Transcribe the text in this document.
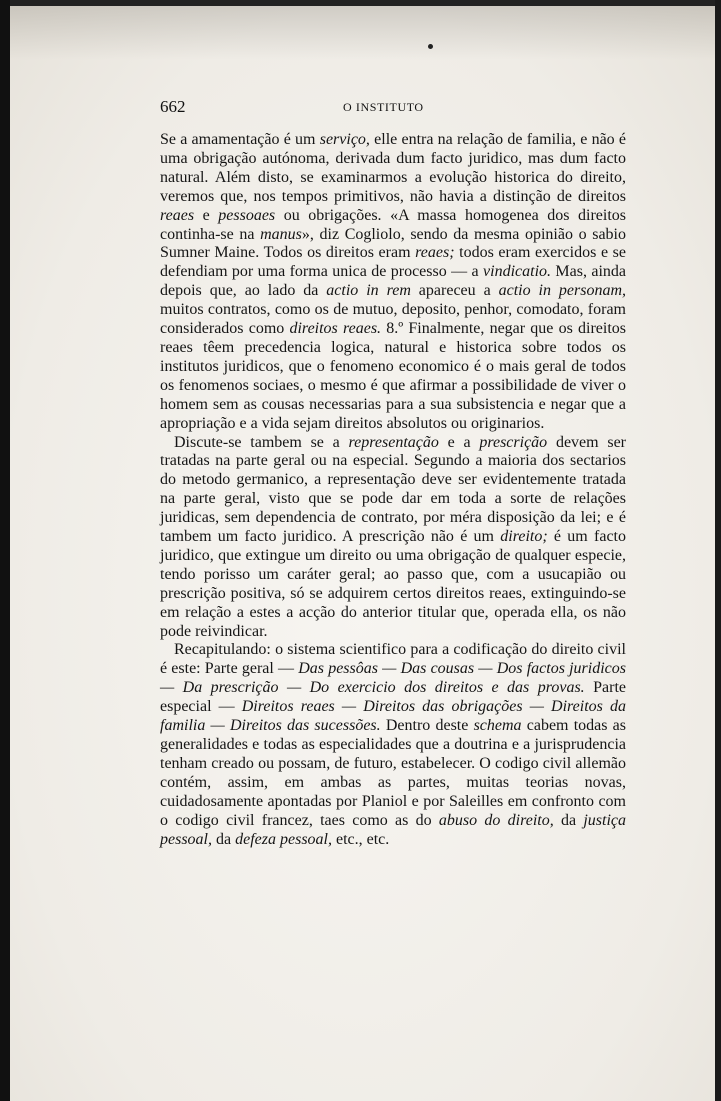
662	O INSTITUTO

Se a amamentação é um serviço, elle entra na relação de familia, e não é uma obrigação autónoma, derivada dum facto juridico, mas dum facto natural. Além disto, se examinarmos a evolução historica do direito, veremos que, nos tempos primitivos, não havia a distinção de direitos reaes e pessoaes ou obrigações. «A massa homogenea dos direitos continha-se na manus», diz Cogliolo, sendo da mesma opinião o sabio Sumner Maine. Todos os direitos eram reaes; todos eram exercidos e se defendiam por uma forma unica de processo — a vindicatio. Mas, ainda depois que, ao lado da actio in rem apareceu a actio in personam, muitos contratos, como os de mutuo, deposito, penhor, comodato, foram considerados como direitos reaes. 8.º Finalmente, negar que os direitos reaes têem precedencia logica, natural e historica sobre todos os institutos juridicos, que o fenomeno economico é o mais geral de todos os fenomenos sociaes, o mesmo é que afirmar a possibilidade de viver o homem sem as cousas necessarias para a sua subsistencia e negar que a apropriação e a vida sejam direitos absolutos ou originarios.

Discute-se tambem se a representação e a prescrição devem ser tratadas na parte geral ou na especial. Segundo a maioria dos sectarios do metodo germanico, a representação deve ser evidentemente tratada na parte geral, visto que se pode dar em toda a sorte de relações juridicas, sem dependencia de contrato, por méra disposição da lei; e é tambem um facto juridico. A prescrição não é um direito; é um facto juridico, que extingue um direito ou uma obrigação de qualquer especie, tendo porisso um caráter geral; ao passo que, com a usucapião ou prescrição positiva, só se adquirem certos direitos reaes, extinguindo-se em relação a estes a acção do anterior titular que, operada ella, os não pode reivindicar.

Recapitulando: o sistema scientifico para a codificação do direito civil é este: Parte geral — Das pessôas — Das cousas — Dos factos juridicos — Da prescrição — Do exercicio dos direitos e das provas. Parte especial — Direitos reaes — Direitos das obrigações — Direitos da familia — Direitos das sucessões. Dentro deste schema cabem todas as generalidades e todas as especialidades que a doutrina e a jurisprudencia tenham creado ou possam, de futuro, estabelecer. O codigo civil allemão contém, assim, em ambas as partes, muitas teorias novas, cuidadosamente apontadas por Planiol e por Saleilles em confronto com o codigo civil francez, taes como as do abuso do direito, da justiça pessoal, da defeza pessoal, etc., etc.
